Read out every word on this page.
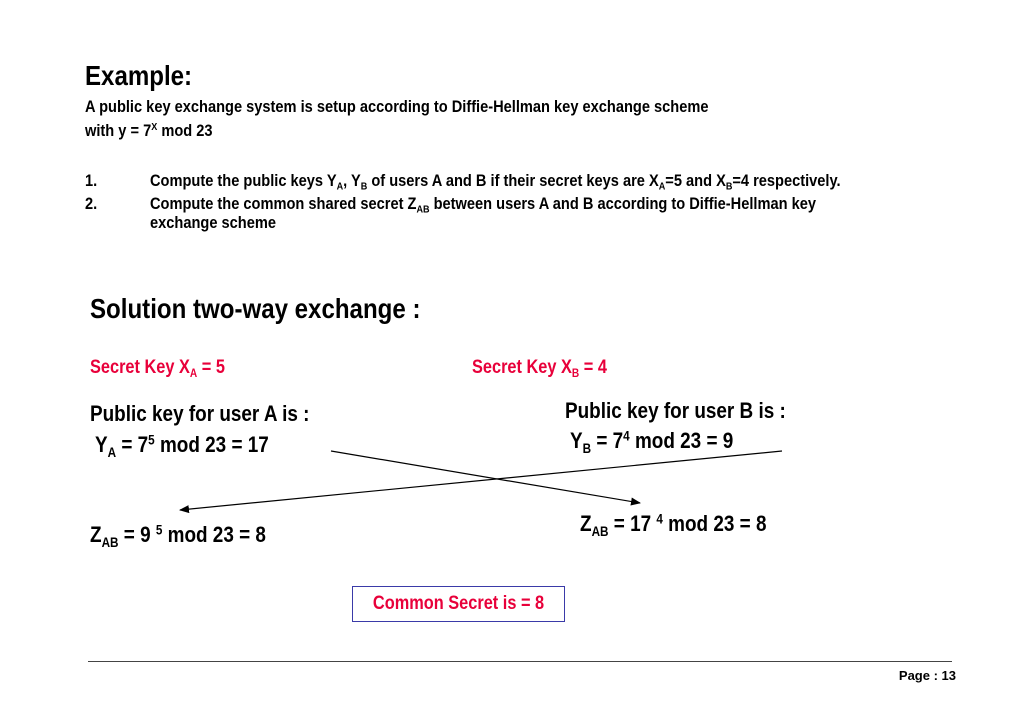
Example:
A public key exchange system is setup according to Diffie-Hellman key exchange scheme
with $y = 7^X$ mod 23
1.	Compute the public keys $Y_A$, $Y_B$ of users A and B if their secret keys are $X_A=5$ and $X_B=4$ respectively.
2.	Compute the common shared secret $Z_{AB}$ between users A and B according to Diffie-Hellman key
exchange scheme
Solution two-way exchange :
Secret Key $X_A = 5$	Secret Key $X_B = 4$
Public key for user A is :
$Y_A = 7^5$ mod 23 = 17
Public key for user B is :
$Y_B = 7^4$ mod 23 = 9
$Z_{AB} = 9$ $^5$ mod 23 = 8	$Z_{AB} = 17$ $^4$ mod 23 = 8
Common Secret is = 8
Page : 13
